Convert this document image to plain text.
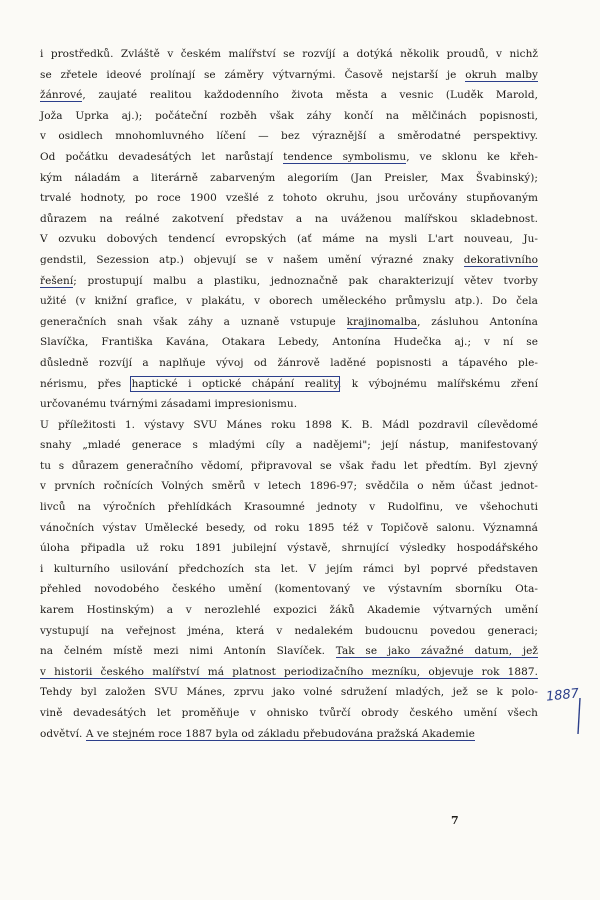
i prostředků. Zvláště v českém malířství se rozvíjí a dotýká několik proudů, v nichž
se zřetele ideové prolínají se záměry výtvarnými. Časově nejstarší je okruh malby
žánrové, zaujaté realitou každodenního života města a vesnic (Luděk Marold,
Joža Uprka aj.); počáteční rozběh však záhy končí na mělčinách popisnosti,
v osidlech mnohomluvného líčení — bez výraznější a směrodatné perspektivy.
Od počátku devadesátých let narůstají tendence symbolismu, ve sklonu ke křeh-
kým náladám a literárně zabarveným alegoriím (Jan Preisler, Max Švabinský);
trvalé hodnoty, po roce 1900 vzešlé z tohoto okruhu, jsou určovány stupňovaným
důrazem na reálné zakotvení představ a na uváženou malířskou skladebnost.
V ozvuku dobových tendencí evropských (ať máme na mysli L'art nouveau, Ju-
gendstil, Sezession atp.) objevují se v našem umění výrazné znaky dekorativního
řešení; prostupují malbu a plastiku, jednoznačně pak charakterizují větev tvorby
užité (v knižní grafice, v plakátu, v oborech uměleckého průmyslu atp.). Do čela
generačních snah však záhy a uznaně vstupuje krajinomalba, zásluhou Antonína
Slavíčka, Františka Kavána, Otakara Lebedy, Antonína Hudečka aj.; v ní se
důsledně rozvíjí a naplňuje vývoj od žánrově laděné popisnosti a tápavého ple-
nérismu, přes haptické i optické chápání reality, k výbojnému malířskému zření
určovanému tvárnými zásadami impresionismu.
U příležitosti 1. výstavy SVU Mánes roku 1898 K. B. Mádl pozdravil cílevědomé
snahy „mladé generace s mladými cíly a nadějemi"; její nástup, manifestovaný
tu s důrazem generačního vědomí, připravoval se však řadu let předtím. Byl zjevný
v prvních ročnících Volných směrů v letech 1896-97; svědčila o něm účast jednot-
livců na výročních přehlídkách Krasoumné jednoty v Rudolfinu, ve všehochuti
vánočních výstav Umělecké besedy, od roku 1895 též v Topičově salonu. Významná
úloha připadla už roku 1891 jubilejní výstavě, shrnující výsledky hospodářského
i kulturního usilování předchozích sta let. V jejím rámci byl poprvé představen
přehled novodobého českého umění (komentovaný ve výstavním sborníku Ota-
karem Hostinským) a v nerozlehlé expozici žáků Akademie výtvarných umění
vystupují na veřejnost jména, která v nedalekém budoucnu povedou generaci;
na čelném místě mezi nimi Antonín Slavíček. Tak se jako závažné datum, jež
v historii českého malířství má platnost periodizačního mezníku, objevuje rok 1887.
Tehdy byl založen SVU Mánes, zprvu jako volné sdružení mladých, jež se k polo-
vině devadesátých let proměňuje v ohnisko tvůrčí obrody českého umění všech
odvětví. A ve stejném roce 1887 byla od základu přebudována pražská Akademie
7
1887
